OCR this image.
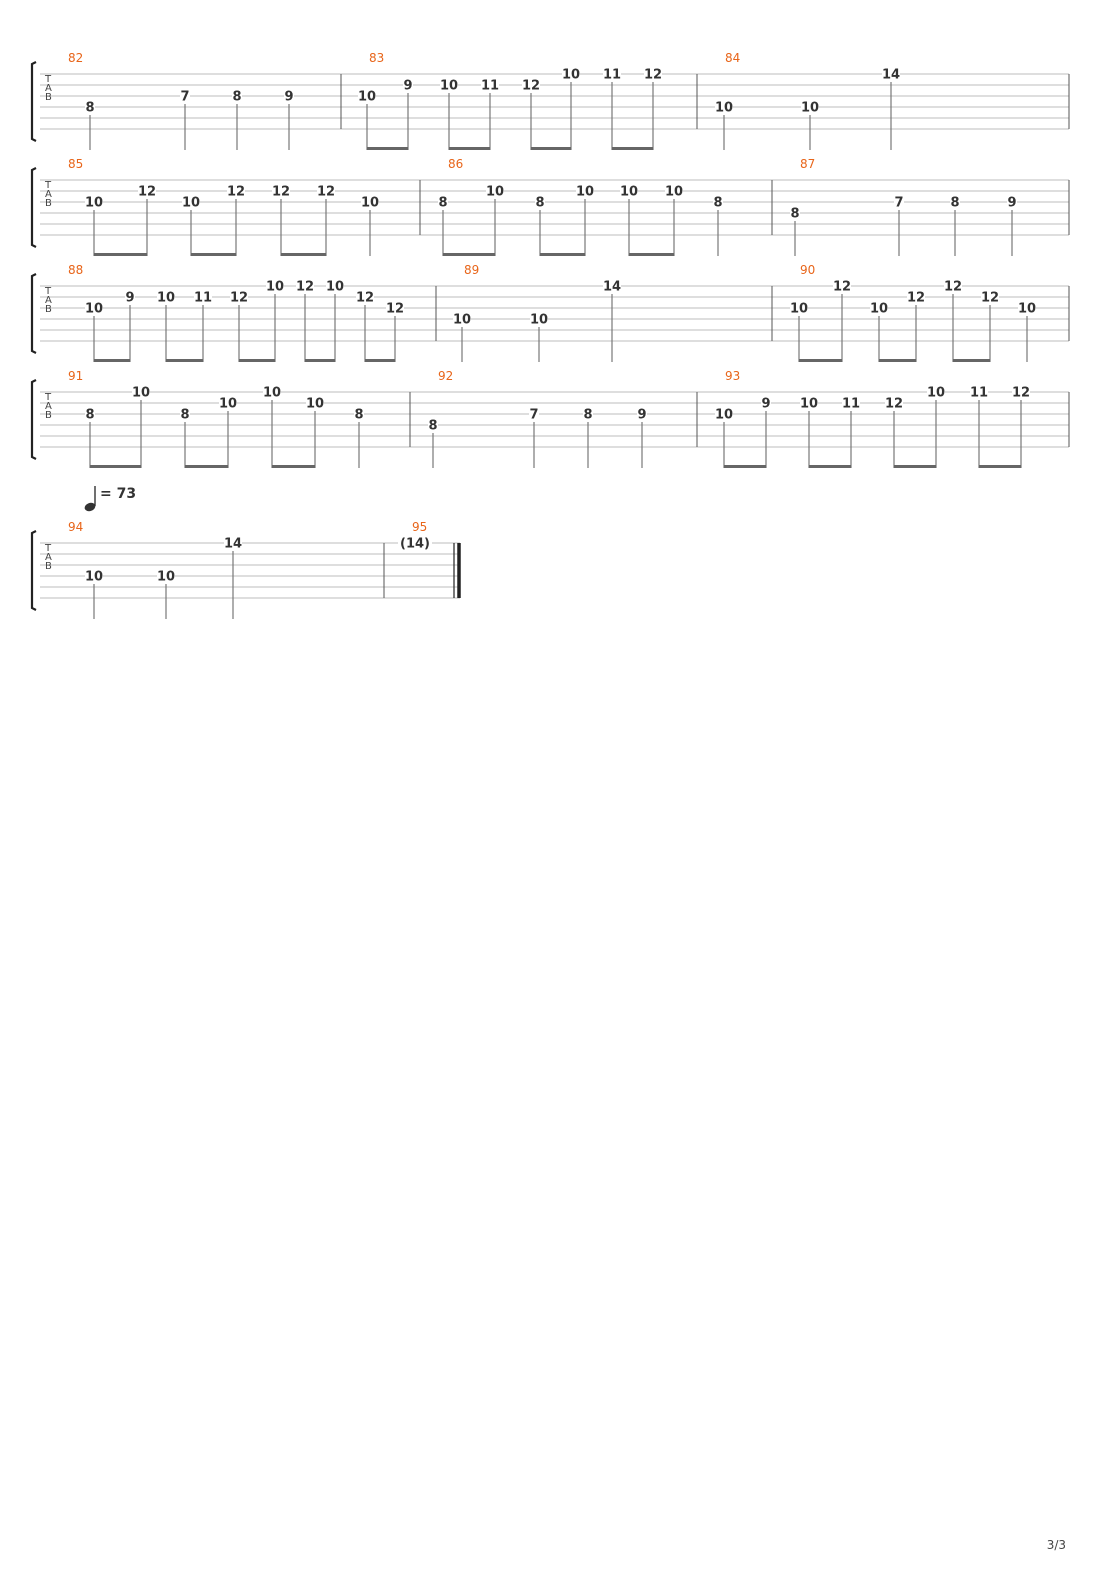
T
A
B
82
8
7	8	9
83
10
9 10 11 12
10 11 12
84
10	10
14
T
A
B
85
10
12
10
12 12 12
10
86
8
10
8
10 10 10
8
87
8
7	8	9
T
A
B
88
10
9 10 11 12
10 12 10
12
12
89
10	10
14
90
10
12
10
12
12
12
10
T
A
B
91
8
10
8
10
10
10
8
92
8
7	8	9
93
10
9 10 11 12
10 11 12
T
A
B
94
10	10
14
95
(14)
= 73
3/3
